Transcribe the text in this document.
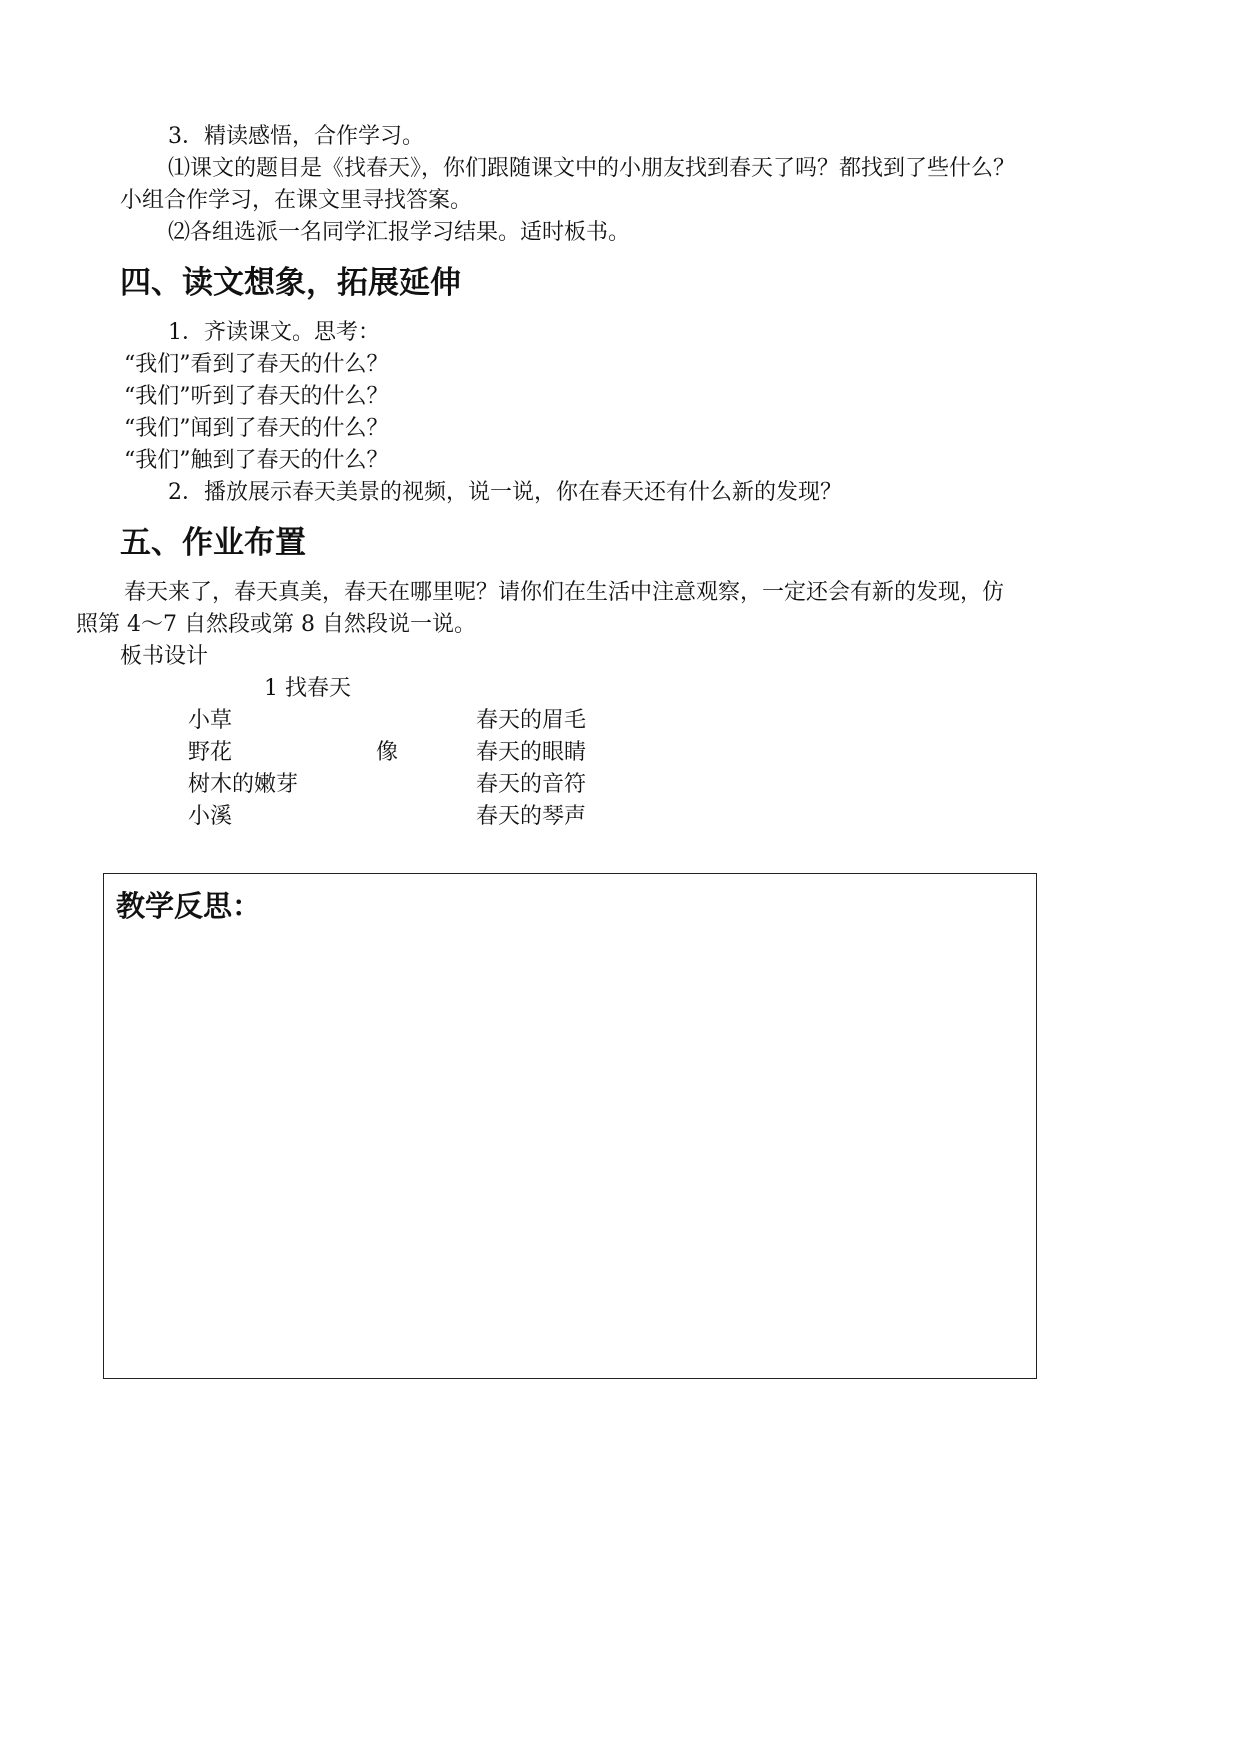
3．精读感悟，合作学习。
⑴课文的题目是《找春天》，你们跟随课文中的小朋友找到春天了吗？都找到了些什么？
小组合作学习，在课文里寻找答案。
⑵各组选派一名同学汇报学习结果。适时板书。
四、读文想象，拓展延伸
1．齐读课文。思考：
“我们”看到了春天的什么？
“我们”听到了春天的什么？
“我们”闻到了春天的什么？
“我们”触到了春天的什么？
2．播放展示春天美景的视频，说一说，你在春天还有什么新的发现？
五、作业布置
春天来了，春天真美，春天在哪里呢？请你们在生活中注意观察，一定还会有新的发现，仿
照第 4～7 自然段或第 8 自然段说一说。
板书设计
1 找春天
小草
野花
树木的嫩芽
小溪
像
春天的眉毛
春天的眼睛
春天的音符
春天的琴声
教学反思：
